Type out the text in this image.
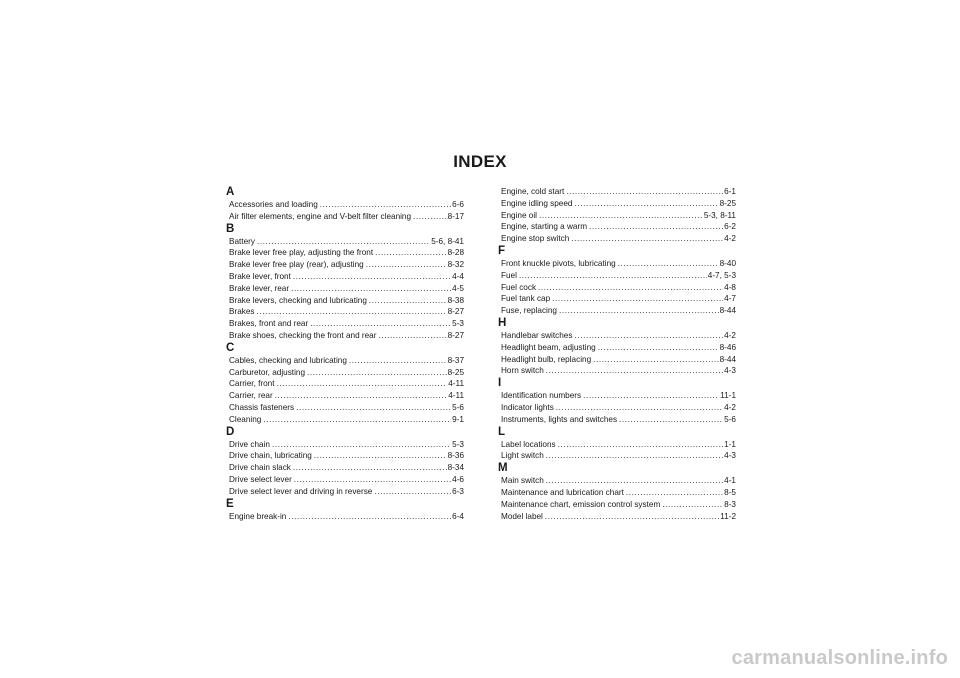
INDEX
A
Accessories and loading .....	6-6
Air filter elements, engine and V-belt filter cleaning .....	8-17
B
Battery .....	5-6, 8-41
Brake lever free play, adjusting the front .....	8-28
Brake lever free play (rear), adjusting .....	8-32
Brake lever, front .....	4-4
Brake lever, rear .....	4-5
Brake levers, checking and lubricating .....	8-38
Brakes .....	8-27
Brakes, front and rear .....	5-3
Brake shoes, checking the front and rear .....	8-27
C
Cables, checking and lubricating .....	8-37
Carburetor, adjusting .....	8-25
Carrier, front .....	4-11
Carrier, rear .....	4-11
Chassis fasteners .....	5-6
Cleaning .....	9-1
D
Drive chain .....	5-3
Drive chain, lubricating .....	8-36
Drive chain slack .....	8-34
Drive select lever .....	4-6
Drive select lever and driving in reverse .....	6-3
E
Engine break-in .....	6-4
Engine, cold start .....	6-1
Engine idling speed .....	8-25
Engine oil .....	5-3, 8-11
Engine, starting a warm .....	6-2
Engine stop switch .....	4-2
F
Front knuckle pivots, lubricating .....	8-40
Fuel .....	4-7, 5-3
Fuel cock .....	4-8
Fuel tank cap .....	4-7
Fuse, replacing .....	8-44
H
Handlebar switches .....	4-2
Headlight beam, adjusting .....	8-46
Headlight bulb, replacing .....	8-44
Horn switch .....	4-3
I
Identification numbers .....	11-1
Indicator lights .....	4-2
Instruments, lights and switches .....	5-6
L
Label locations .....	1-1
Light switch .....	4-3
M
Main switch .....	4-1
Maintenance and lubrication chart .....	8-5
Maintenance chart, emission control system .....	8-3
Model label .....	11-2
carmanualsonline.info
